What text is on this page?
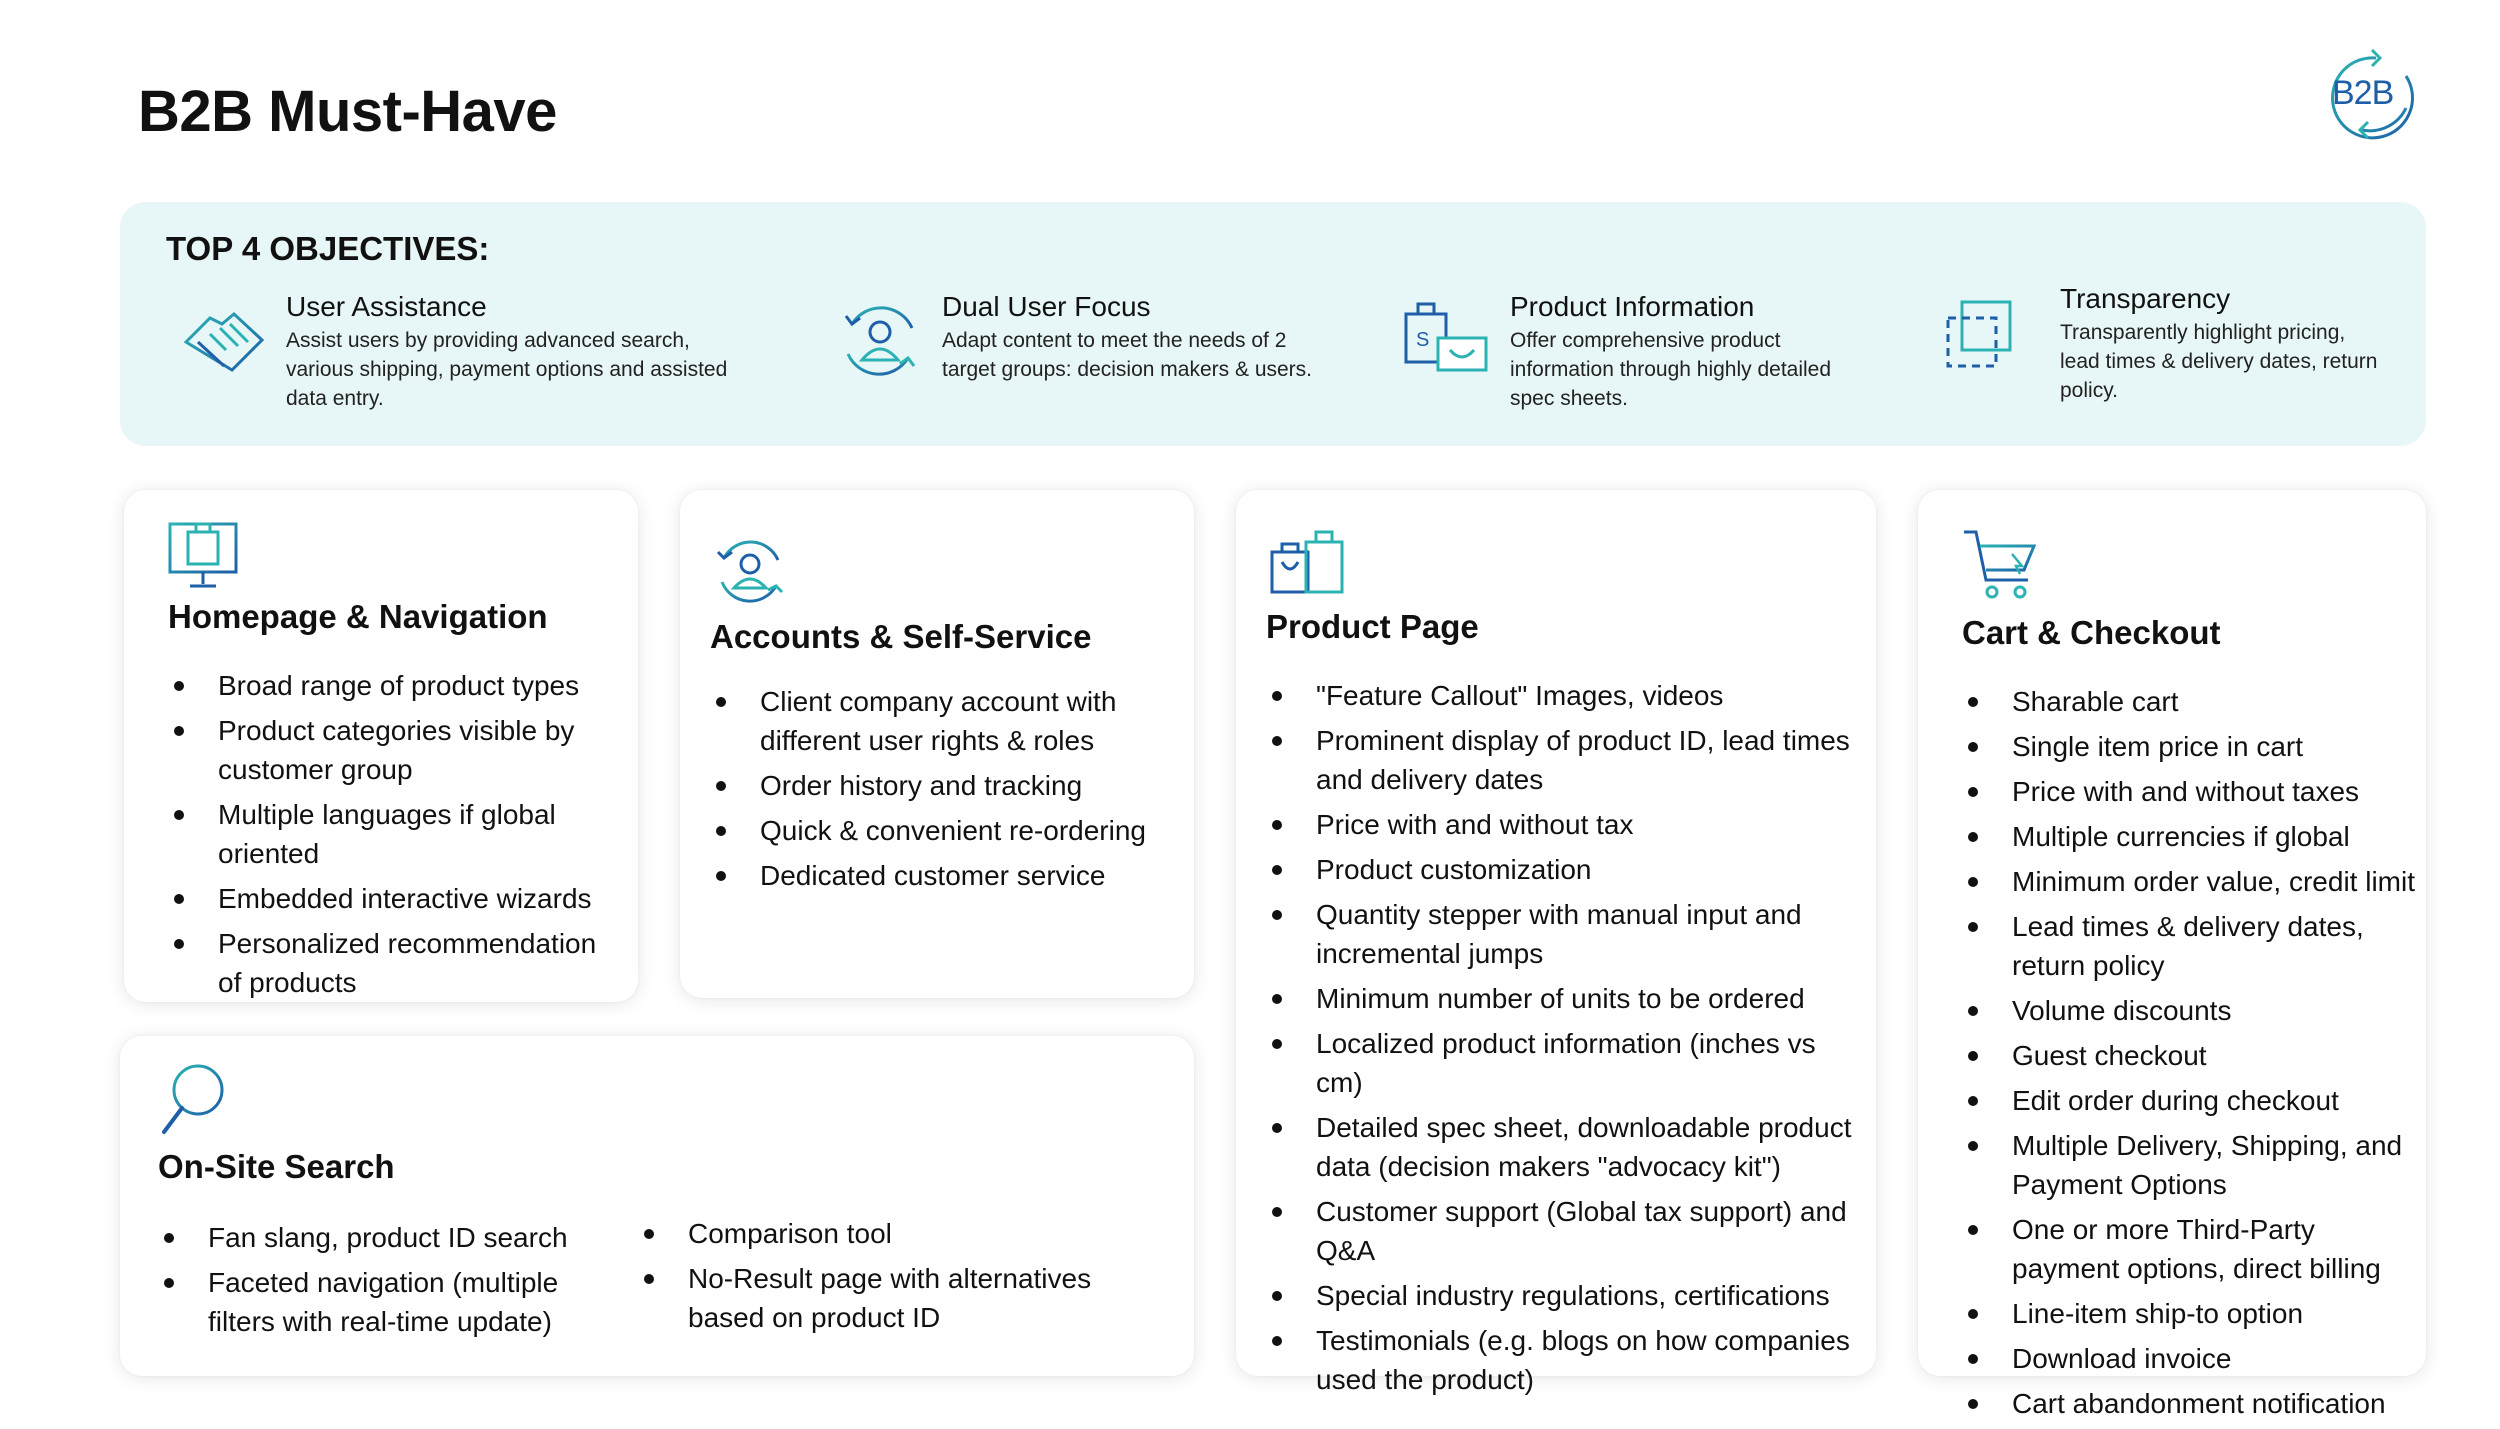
B2B Must-Have	B2B
TOP 4 OBJECTIVES:
User Assistance
Assist users by providing advanced search, various shipping, payment options and assisted data entry.
Dual User Focus
Adapt content to meet the needs of 2 target groups: decision makers & users.
S
Product Information
Offer comprehensive product information through highly detailed spec sheets.
Transparency
Transparently highlight pricing, lead times & delivery dates, return policy.
Homepage & Navigation
Broad range of product types
Product categories visible by customer group
Multiple languages if global oriented
Embedded interactive wizards
Personalized recommendation of products
Accounts & Self-Service
Client company account with different user rights & roles
Order history and tracking
Quick & convenient re-ordering
Dedicated customer service
Product Page
"Feature Callout" Images, videos
Prominent display of product ID, lead times and delivery dates
Price with and without tax
Product customization
Quantity stepper with manual input and incremental jumps
Minimum number of units to be ordered
Localized product information (inches vs cm)
Detailed spec sheet, downloadable product data (decision makers "advocacy kit")
Customer support (Global tax support) and Q&A
Special industry regulations, certifications
Testimonials (e.g. blogs on how companies used the product)
Cart & Checkout
Sharable cart
Single item price in cart
Price with and without taxes
Multiple currencies if global
Minimum order value, credit limit
Lead times & delivery dates, return policy
Volume discounts
Guest checkout
Edit order during checkout
Multiple Delivery, Shipping, and Payment Options
One or more Third-Party payment options, direct billing
Line-item ship-to option
Download invoice
Cart abandonment notification
On-Site Search
Fan slang, product ID search
Faceted navigation (multiple filters with real-time update)
Comparison tool
No-Result page with alternatives based on product ID
